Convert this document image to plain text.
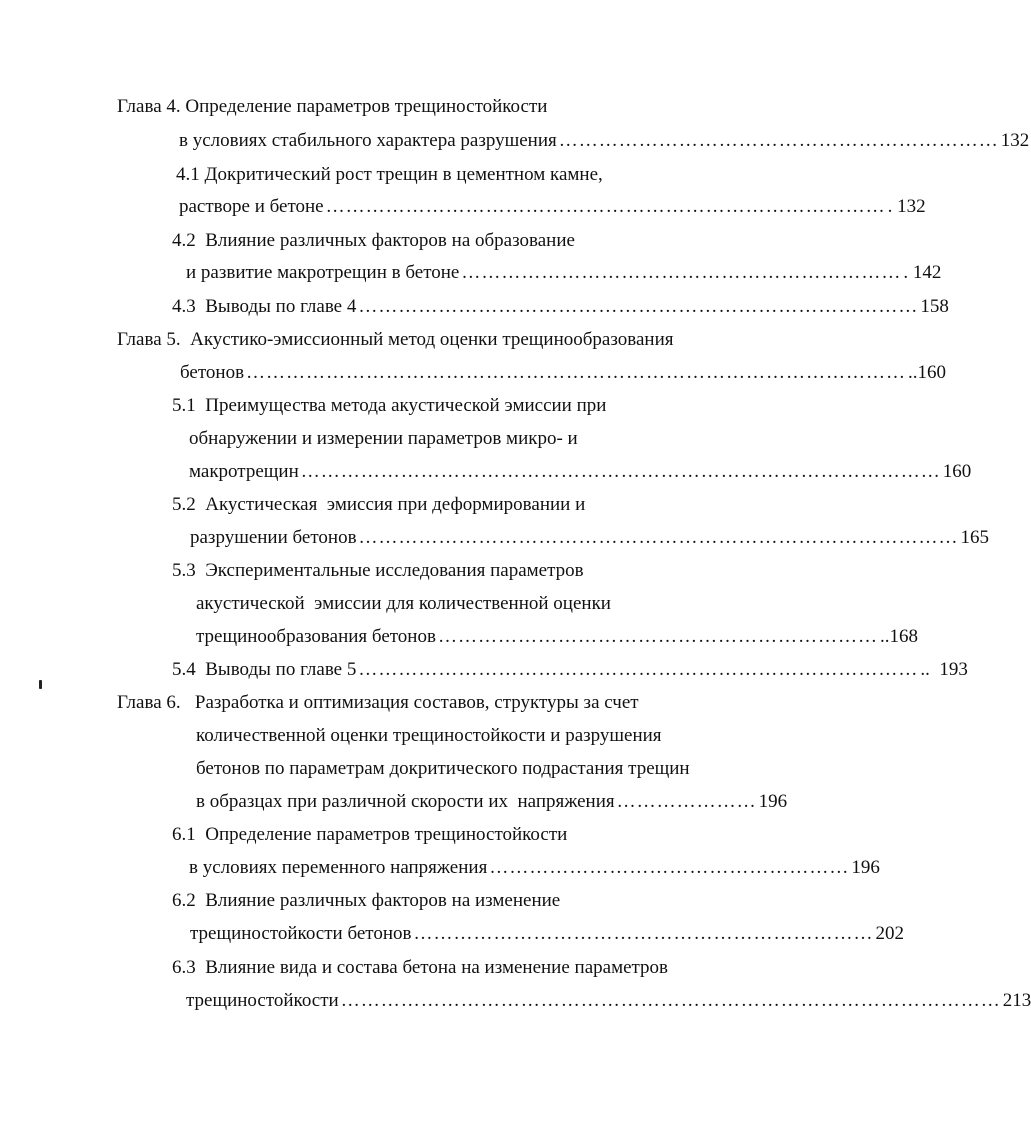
Глава 4. Определение параметров трещиностойкости
в условиях стабильного характера разрушения ………………………………………………………… 132
4.1 Докритический рост трещин в цементном камне,
растворе и бетоне ………………………………………………………………………… . 132
4.2  Влияние различных факторов на образование
и развитие макротрещин в бетоне ………………………………………………………… . 142
4.3  Выводы по главе 4 ………………………………………………………………………… 158
Глава 5.  Акустико-эмиссионный метод оценки трещинообразования
бетонов ……………………………………………………………………………………… ..160
5.1  Преимущества метода акустической эмиссии при
обнаружении и измерении параметров микро- и
макротрещин …………………………………………………………………………………… 160
5.2  Акустическая  эмиссия при деформировании и
разрушении бетонов ……………………………………………………………………………… 165
5.3  Экспериментальные исследования параметров
акустической  эмиссии для количественной оценки
трещинообразования бетонов ………………………………………………………… ..168
5.4  Выводы по главе 5 ………………………………………………………………………… ..  193
Глава 6.   Разработка и оптимизация составов, структуры за счет
количественной оценки трещиностойкости и разрушения
бетонов по параметрам докритического подрастания трещин
в образцах при различной скорости их  напряжения ………………… 196
6.1  Определение параметров трещиностойкости
в условиях переменного напряжения ……………………………………………… 196
6.2  Влияние различных факторов на изменение
трещиностойкости бетонов …………………………………………………………… 202
6.3  Влияние вида и состава бетона на изменение параметров
трещиностойкости ……………………………………………………………………………………… 213
